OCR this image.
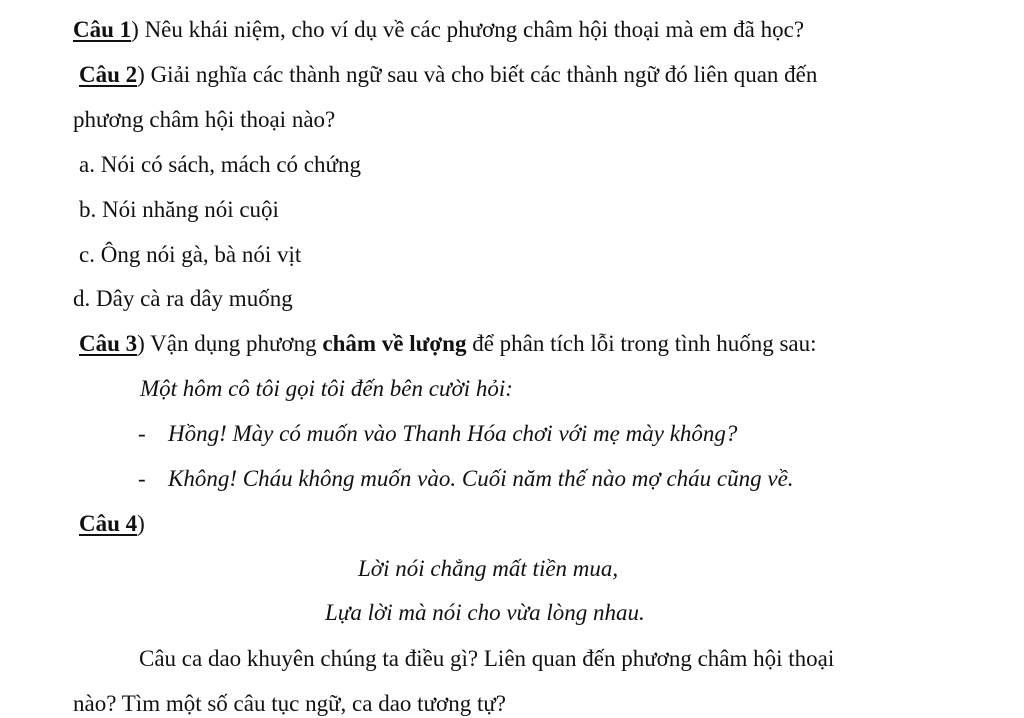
Câu 1) Nêu khái niệm, cho ví dụ về các phương châm hội thoại mà em đã học?
Câu 2) Giải nghĩa các thành ngữ sau và cho biết các thành ngữ đó liên quan đến
phương châm hội thoại nào?
a. Nói có sách, mách có chứng
b. Nói nhăng nói cuội
c. Ông nói gà, bà nói vịt
d. Dây cà ra dây muống
Câu 3) Vận dụng phương châm về lượng để phân tích lỗi trong tình huống sau:
Một hôm cô tôi gọi tôi đến bên cười hỏi:
- Hồng! Mày có muốn vào Thanh Hóa chơi với mẹ mày không?
- Không! Cháu không muốn vào. Cuối năm thế nào mợ cháu cũng về.
Câu 4)
Lời nói chẳng mất tiền mua,
Lựa lời mà nói cho vừa lòng nhau.
Câu ca dao khuyên chúng ta điều gì? Liên quan đến phương châm hội thoại
nào? Tìm một số câu tục ngữ, ca dao tương tự?
